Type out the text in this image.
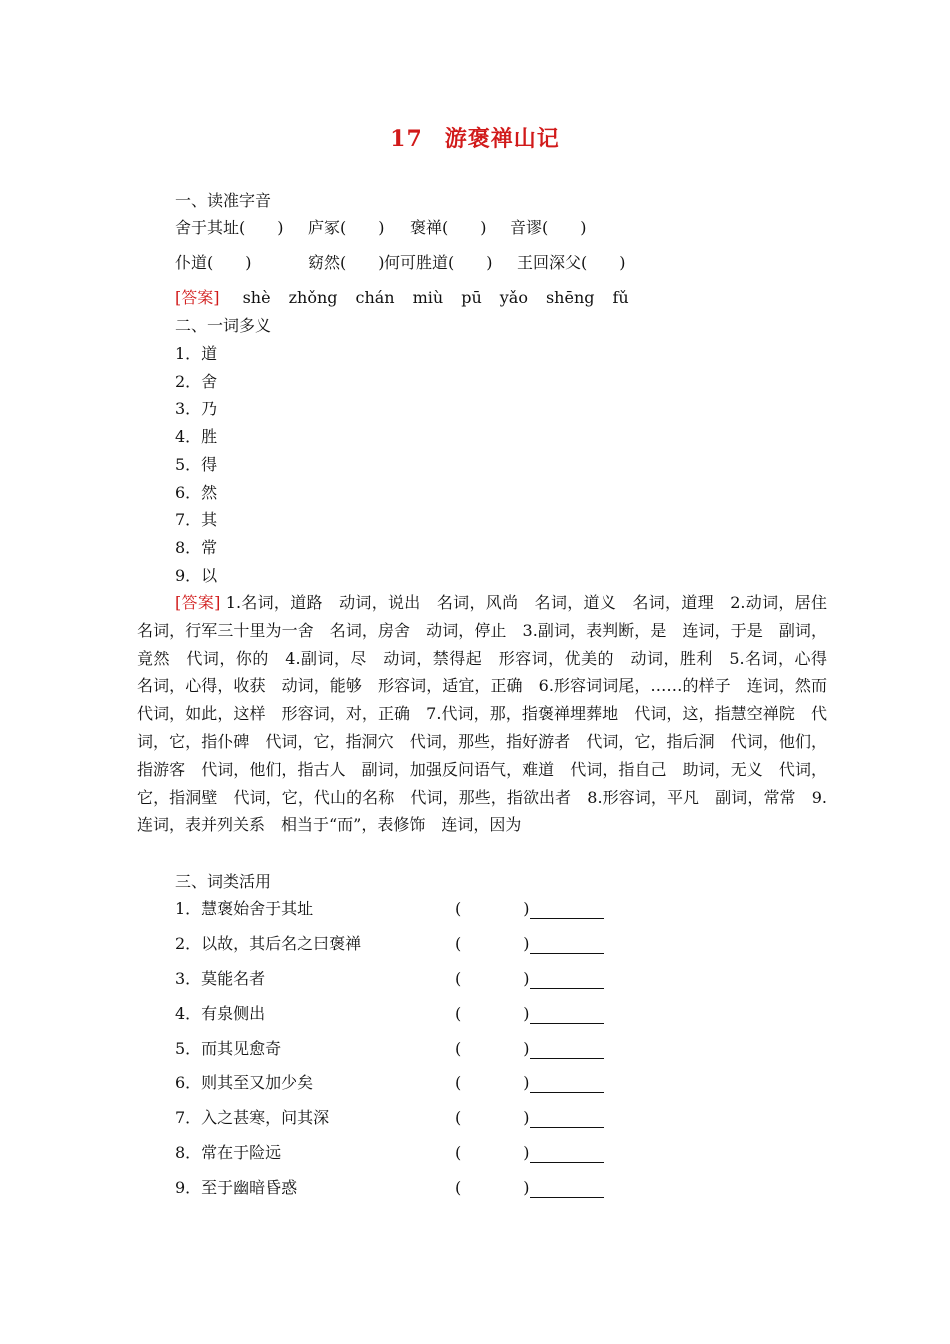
17 游褒禅山记
一、读准字音
舍于其址(　　) 庐冢(　　) 褒禅(　　) 音谬(　　)
仆道(　　)	窈然(　　)何可胜道(　　) 王回深父(　　)
[答案] shè zhǒng chán miù pū yǎo shēng fǔ
二、一词多义
1．道
2．舍
3．乃
4．胜
5．得
6．然
7．其
8．常
9．以
[答案] 1.名词，道路　动词，说出　名词，风尚　名词，道义　名词，道理　2.动词，居住　名词，行军三十里为一舍　名词，房舍　动词，停止　3.副词，表判断，是　连词，于是　副词，竟然　代词，你的　4.副词，尽　动词，禁得起　形容词，优美的　动词，胜利　5.名词，心得　名词，心得，收获　动词，能够　形容词，适宜，正确　6.形容词词尾，……的样子　连词，然而　代词，如此，这样　形容词，对，正确　7.代词，那，指褒禅埋葬地　代词，这，指慧空禅院　代词，它，指仆碑　代词，它，指洞穴　代词，那些，指好游者　代词，它，指后洞　代词，他们，指游客　代词，他们，指古人　副词，加强反问语气，难道　代词，指自己　助词，无义　代词，它，指洞壁　代词，它，代山的名称　代词，那些，指欲出者　8.形容词，平凡　副词，常常　9.连词，表并列关系　相当于“而”，表修饰　连词，因为
三、词类活用
1．慧褒始舍于其址	(	)
2．以故，其后名之曰褒禅	(	)
3．莫能名者	(	)
4．有泉侧出	(	)
5．而其见愈奇	(	)
6．则其至又加少矣	(	)
7．入之甚寒，问其深	(	)
8．常在于险远	(	)
9．至于幽暗昏惑	(	)
